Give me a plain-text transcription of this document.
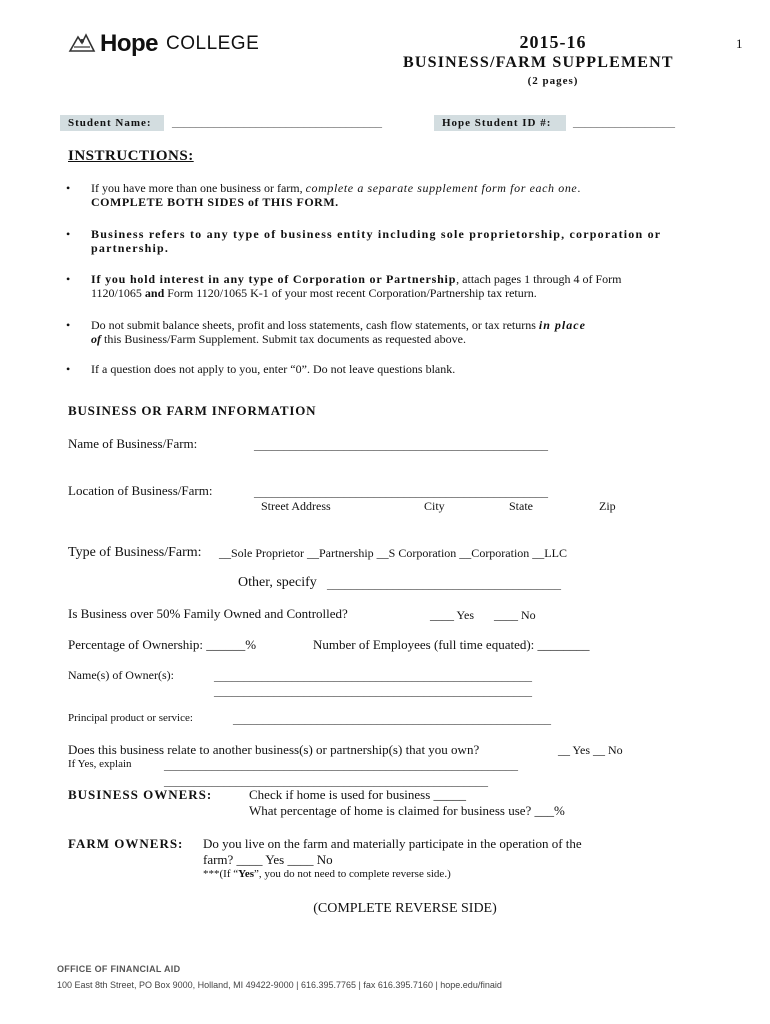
Hope COLLEGE	2015-16
BUSINESS/FARM SUPPLEMENT
(2 pages)
1
Student Name:	___________________________________	Hope Student ID #:	_________________
INSTRUCTIONS:
• If you have more than one business or farm, complete a separate supplement form for each one.
COMPLETE BOTH SIDES of THIS FORM.
• Business refers to any type of business entity including sole proprietorship, corporation or
partnership.
• If you hold interest in any type of Corporation or Partnership, attach pages 1 through 4 of Form
1120/1065 and Form 1120/1065 K-1 of your most recent Corporation/Partnership tax return.
• Do not submit balance sheets, profit and loss statements, cash flow statements, or tax returns in place
of this Business/Farm Supplement. Submit tax documents as requested above.
• If a question does not apply to you, enter “0”. Do not leave questions blank.
BUSINESS OR FARM INFORMATION
Name of Business/Farm:	_________________________________________________
Location of Business/Farm:	_________________________________________________
Street Address	City	State	Zip
Type of Business/Farm: __Sole Proprietor __Partnership __S Corporation __Corporation __LLC
Other, specify _______________________________________
Is Business over 50% Family Owned and Controlled?	____ Yes ____ No
Percentage of Ownership: ______%	Number of Employees (full time equated): ________
Name(s) of Owner(s):	_____________________________________________________
_____________________________________________________
Principal product or service:	_____________________________________________________
Does this business relate to another business(s) or partnership(s) that you own?	__ Yes __ No
If Yes, explain	___________________________________________________________
______________________________________________________
BUSINESS OWNERS:	Check if home is used for business _____
What percentage of home is claimed for business use? ___%
FARM OWNERS: Do you live on the farm and materially participate in the operation of the
farm? ____ Yes ____ No
***(If “Yes”, you do not need to complete reverse side.)
(COMPLETE REVERSE SIDE)
OFFICE OF FINANCIAL AID
100 East 8th Street, PO Box 9000, Holland, MI 49422-9000 | 616.395.7765 | fax 616.395.7160 | hope.edu/finaid
